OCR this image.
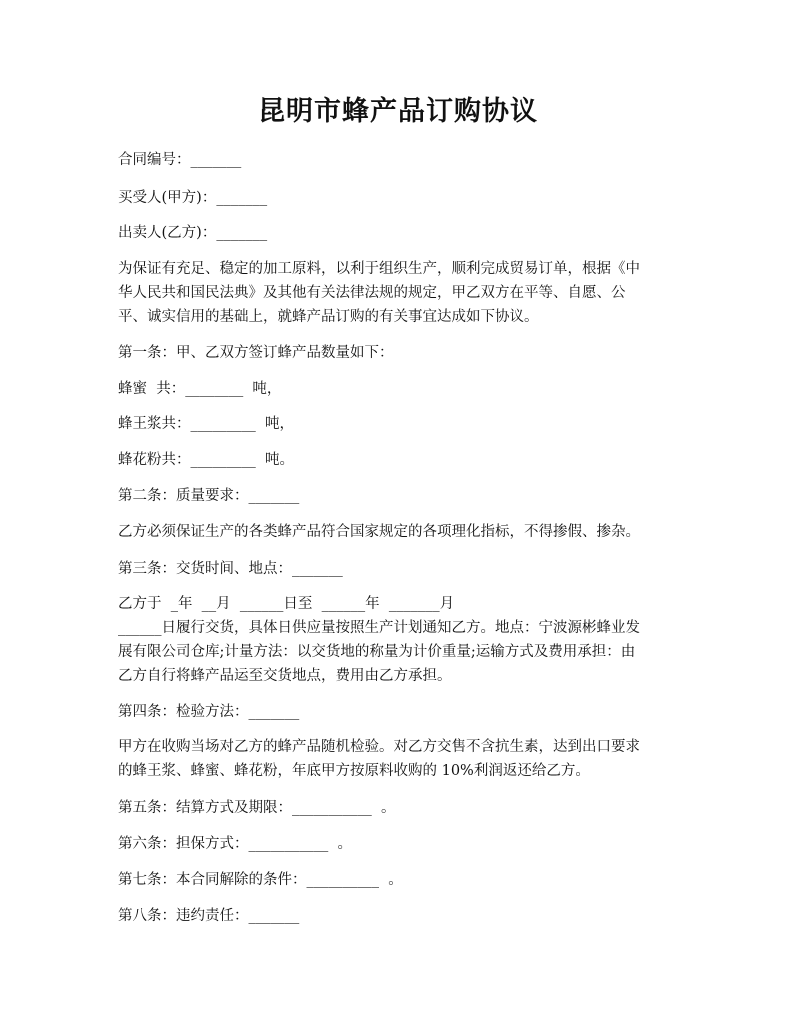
昆明市蜂产品订购协议

合同编号：_______

买受人(甲方)：_______

出卖人(乙方)：_______

为保证有充足、稳定的加工原料，以利于组织生产，顺利完成贸易订单，根据《中
华人民共和国民法典》及其他有关法律法规的规定，甲乙双方在平等、自愿、公
平、诚实信用的基础上，就蜂产品订购的有关事宜达成如下协议。

第一条：甲、乙双方签订蜂产品数量如下：

蜂蜜  共：________  吨，

蜂王浆共：_________  吨，

蜂花粉共：_________  吨。

第二条：质量要求：_______

乙方必须保证生产的各类蜂产品符合国家规定的各项理化指标，不得掺假、掺杂。

第三条：交货时间、地点：_______

乙方于  _年  __月  ______日至  ______年  _______月
______日履行交货，具体日供应量按照生产计划通知乙方。地点：宁波源彬蜂业发
展有限公司仓库;计量方法：以交货地的称量为计价重量;运输方式及费用承担：由
乙方自行将蜂产品运至交货地点，费用由乙方承担。

第四条：检验方法：_______

甲方在收购当场对乙方的蜂产品随机检验。对乙方交售不含抗生素，达到出口要求
的蜂王浆、蜂蜜、蜂花粉，年底甲方按原料收购的 10%利润返还给乙方。

第五条：结算方式及期限：___________  。

第六条：担保方式：___________  。

第七条：本合同解除的条件：__________  。

第八条：违约责任：_______
